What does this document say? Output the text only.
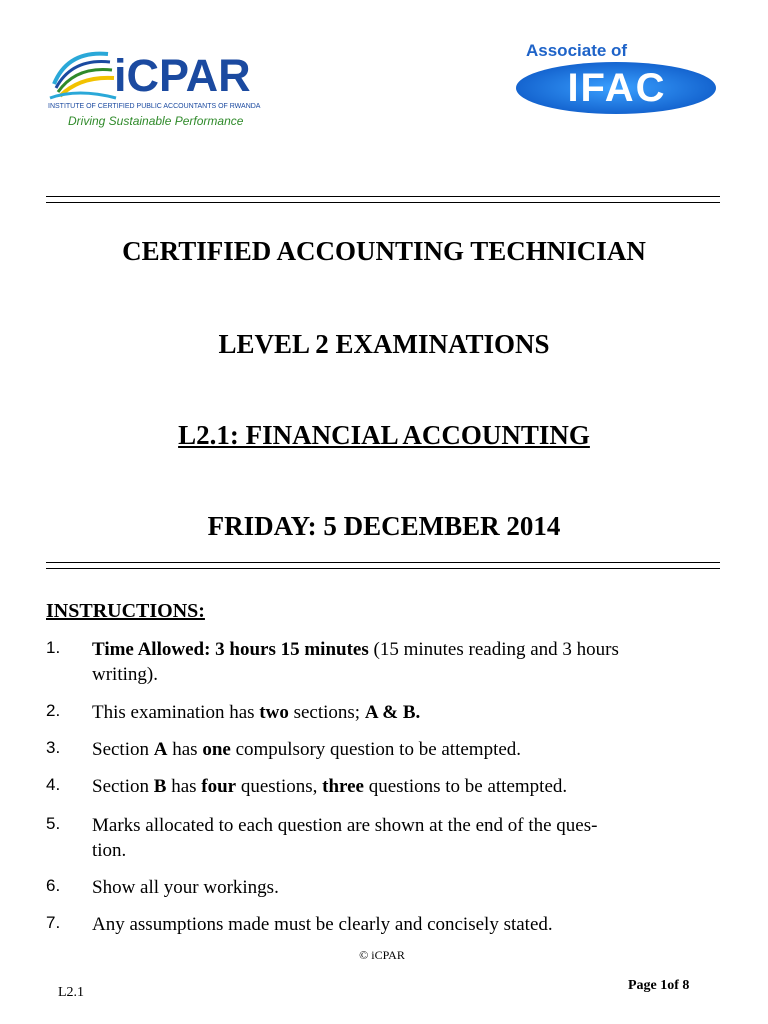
iCPAR
INSTITUTE OF CERTIFIED PUBLIC ACCOUNTANTS OF RWANDA
Driving Sustainable Performance
Associate of
IFAC
CERTIFIED ACCOUNTING TECHNICIAN
LEVEL 2 EXAMINATIONS
L2.1: FINANCIAL ACCOUNTING
FRIDAY: 5 DECEMBER 2014
INSTRUCTIONS:
1. Time Allowed: 3 hours 15 minutes (15 minutes reading and 3 hours
writing).
2. This examination has two sections; A & B.
3. Section A has one compulsory question to be attempted.
4. Section B has four questions, three questions to be attempted.
5. Marks allocated to each question are shown at the end of the ques-
tion.
6. Show all your workings.
7. Any assumptions made must be clearly and concisely stated.
© iCPAR
L2.1	Page 1of 8
